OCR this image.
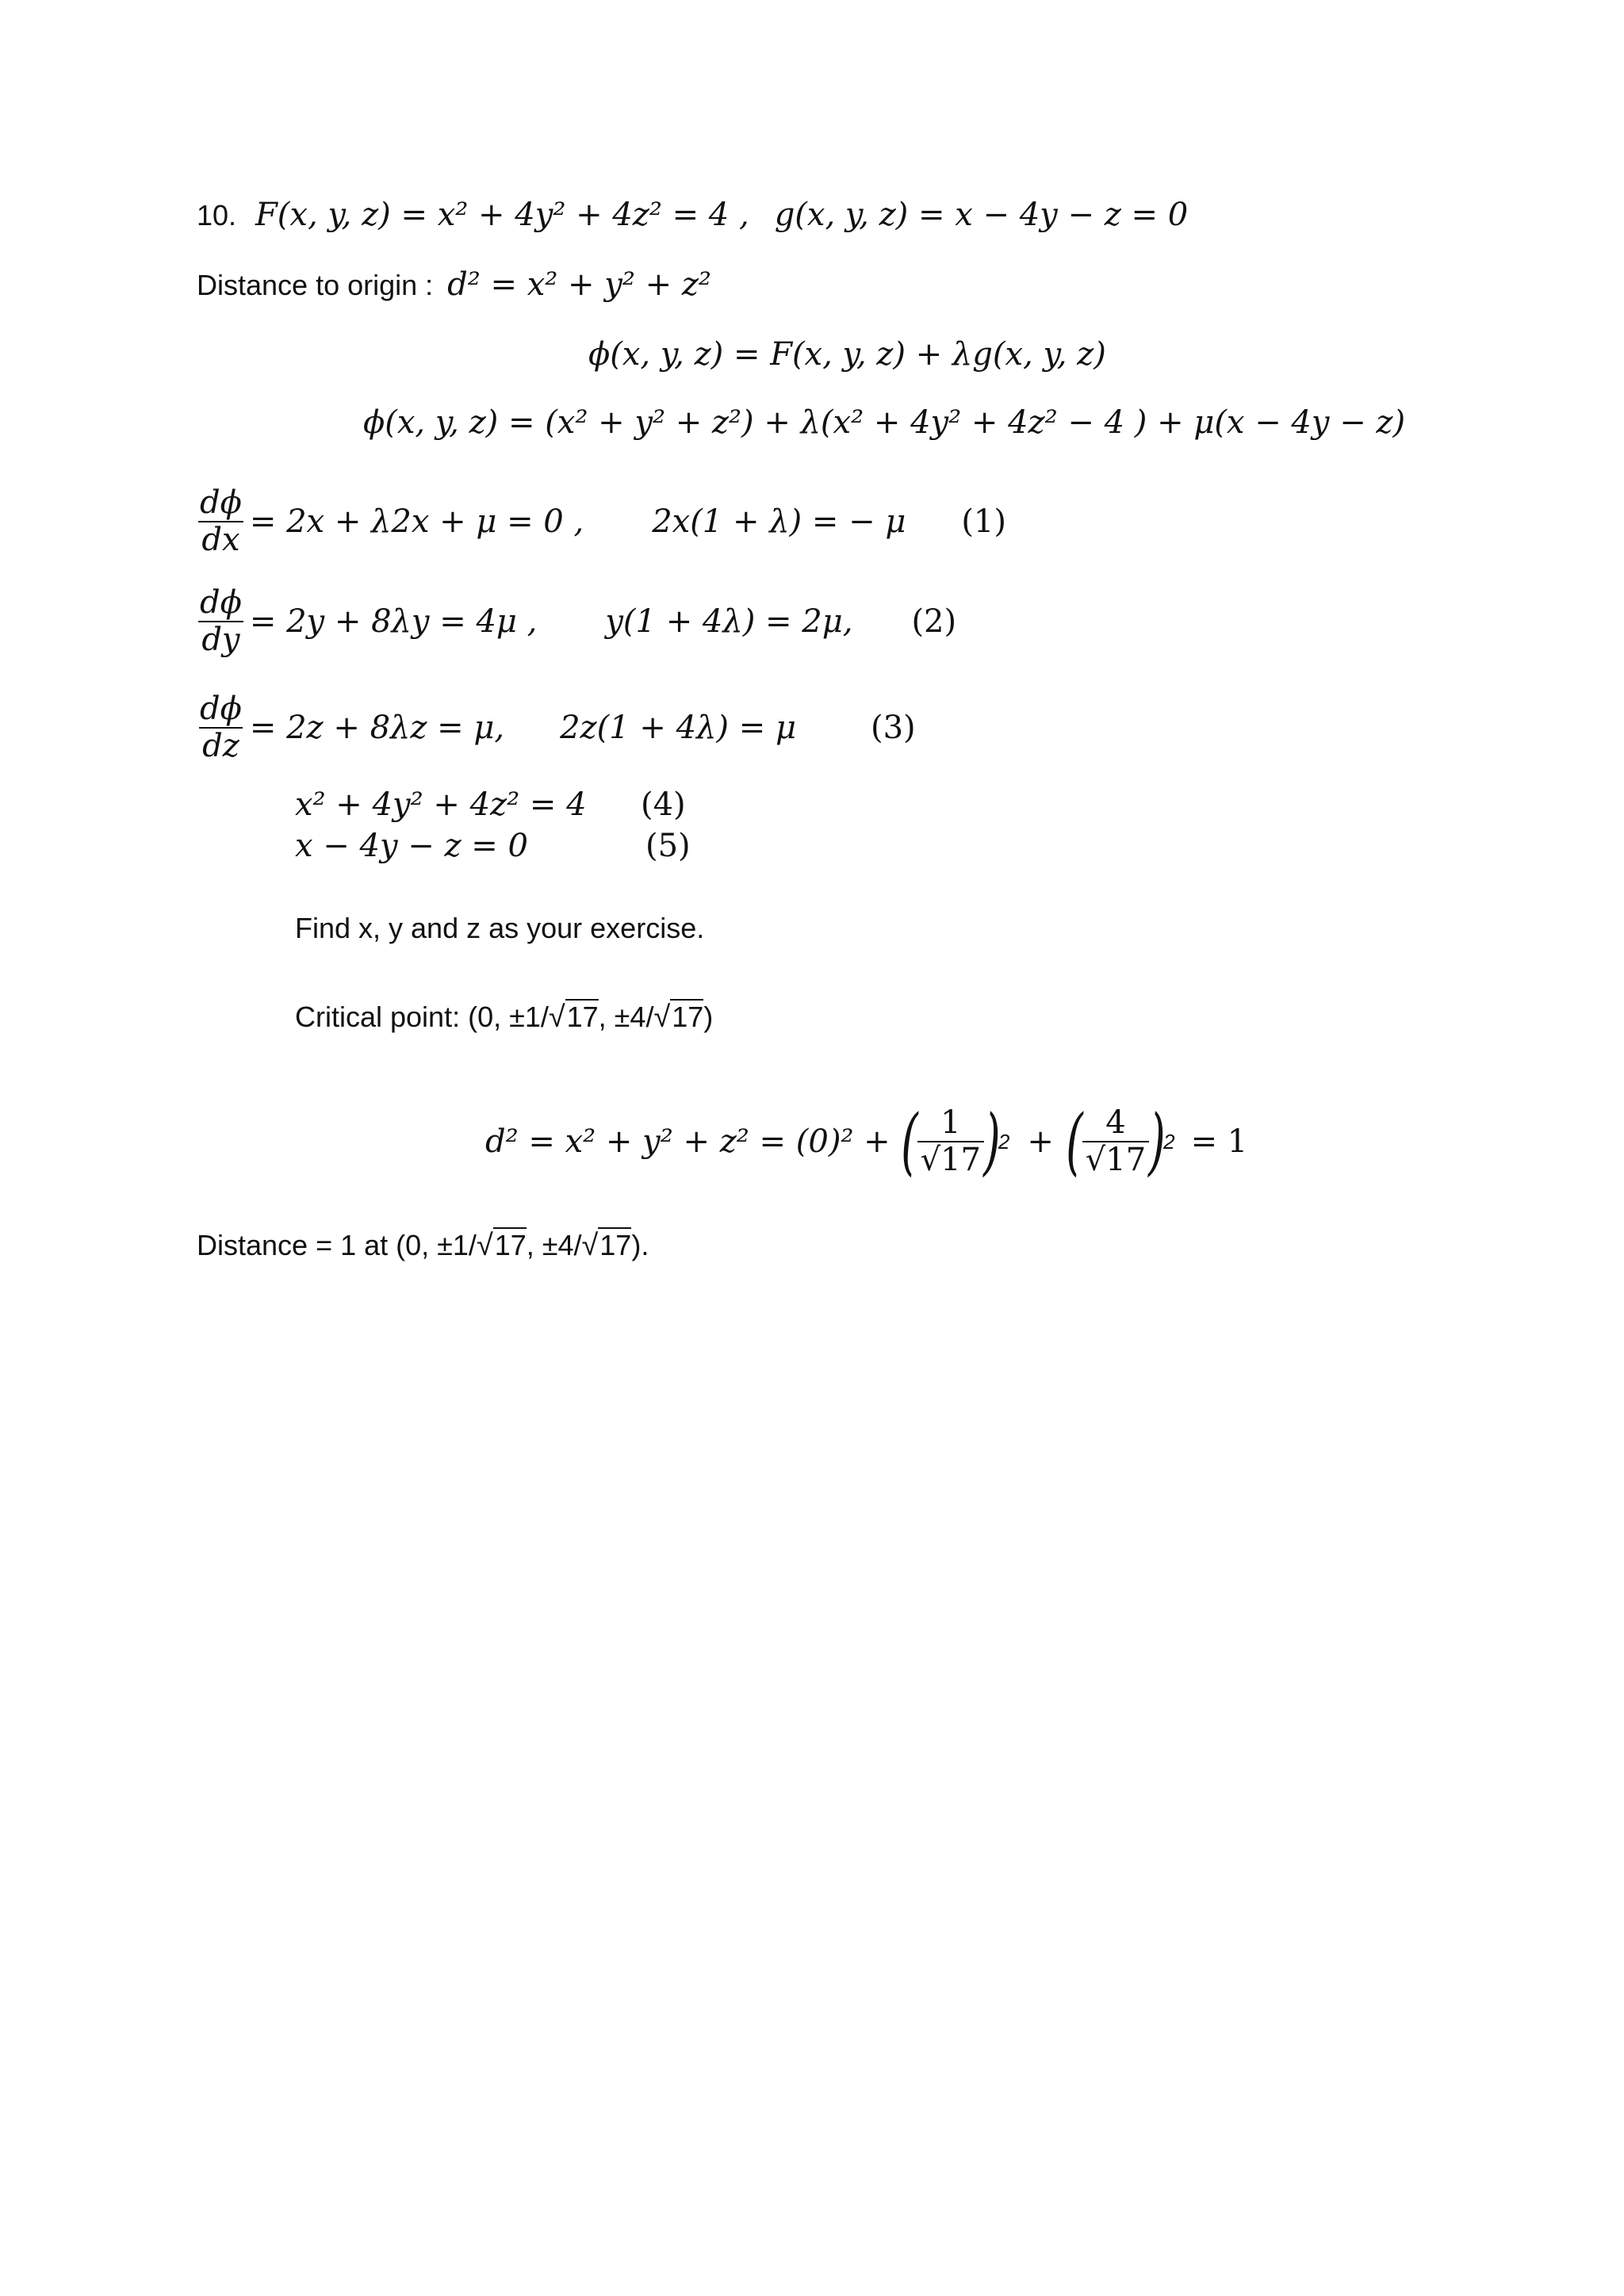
10. F(x, y, z) = x² + 4y² + 4z² = 4 , g(x, y, z) = x − 4y − z = 0
Distance to origin : d² = x² + y² + z²
ϕ(x, y, z) = F(x, y, z) + λg(x, y, z)
ϕ(x, y, z) = (x² + y² + z²) + λ(x² + 4y² + 4z² − 4 ) + μ(x − 4y − z)
$\frac{d\phi}{dx} = 2x + \lambda 2x + \mu = 0$ , 2x(1 + λ) = − μ (1)
$\frac{d\phi}{dy} = 2y + 8\lambda y = 4\mu$ , y(1 + 4λ) = 2μ, (2)
$\frac{d\phi}{dz} = 2z + 8\lambda z = \mu$, 2z(1 + 4λ) = μ (3)
x² + 4y² + 4z² = 4 (4)
x − 4y − z = 0	(5)
Find x, y and z as your exercise.
Critical point: (0, ±1/√17, ±4/√17)
d² = x² + y² + z² = (0)² + ( $\frac{1}{√17}$ )
2 + ( $\frac{4}{√17}$ )
2 = 1
Distance = 1 at (0, ±1/√17, ±4/√17).
